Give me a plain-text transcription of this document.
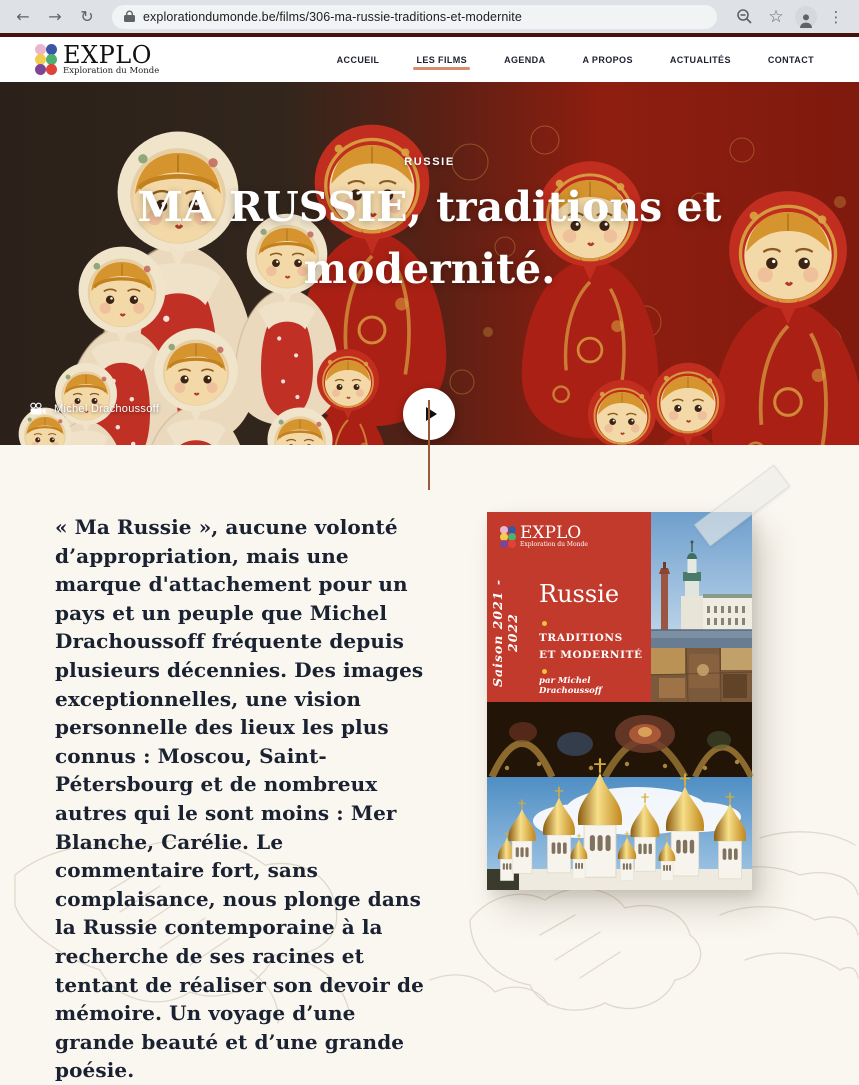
←	→	↻	explorationdumonde.be/films/306-ma-russie-traditions-et-modernite	☆	⋮
EXPLO
Exploration du Monde
ACCUEIL	LES FILMS	AGENDA	A PROPOS	ACTUALITÉS	CONTACT
RUSSIE
MA RUSSIE, traditions et modernité.
Michel Drachoussoff

« Ma Russie », aucune volonté d’appropriation, mais une marque d'attachement pour un pays et un peuple que Michel Drachoussoff fréquente depuis plusieurs décennies. Des images exceptionnelles, une vision personnelle des lieux les plus connus : Moscou, Saint-Pétersbourg et de nombreux autres qui le sont moins : Mer Blanche, Carélie. Le commentaire fort, sans complaisance, nous plonge dans la Russie contemporaine à la recherche de ses racines et tentant de réaliser son devoir de mémoire. Un voyage d’une grande beauté et d’une grande poésie.

EXPLO
Exploration du Monde
Saison 2021 - 2022
Russie
TRADITIONS
ET MODERNITÉ
par Michel Drachoussoff
